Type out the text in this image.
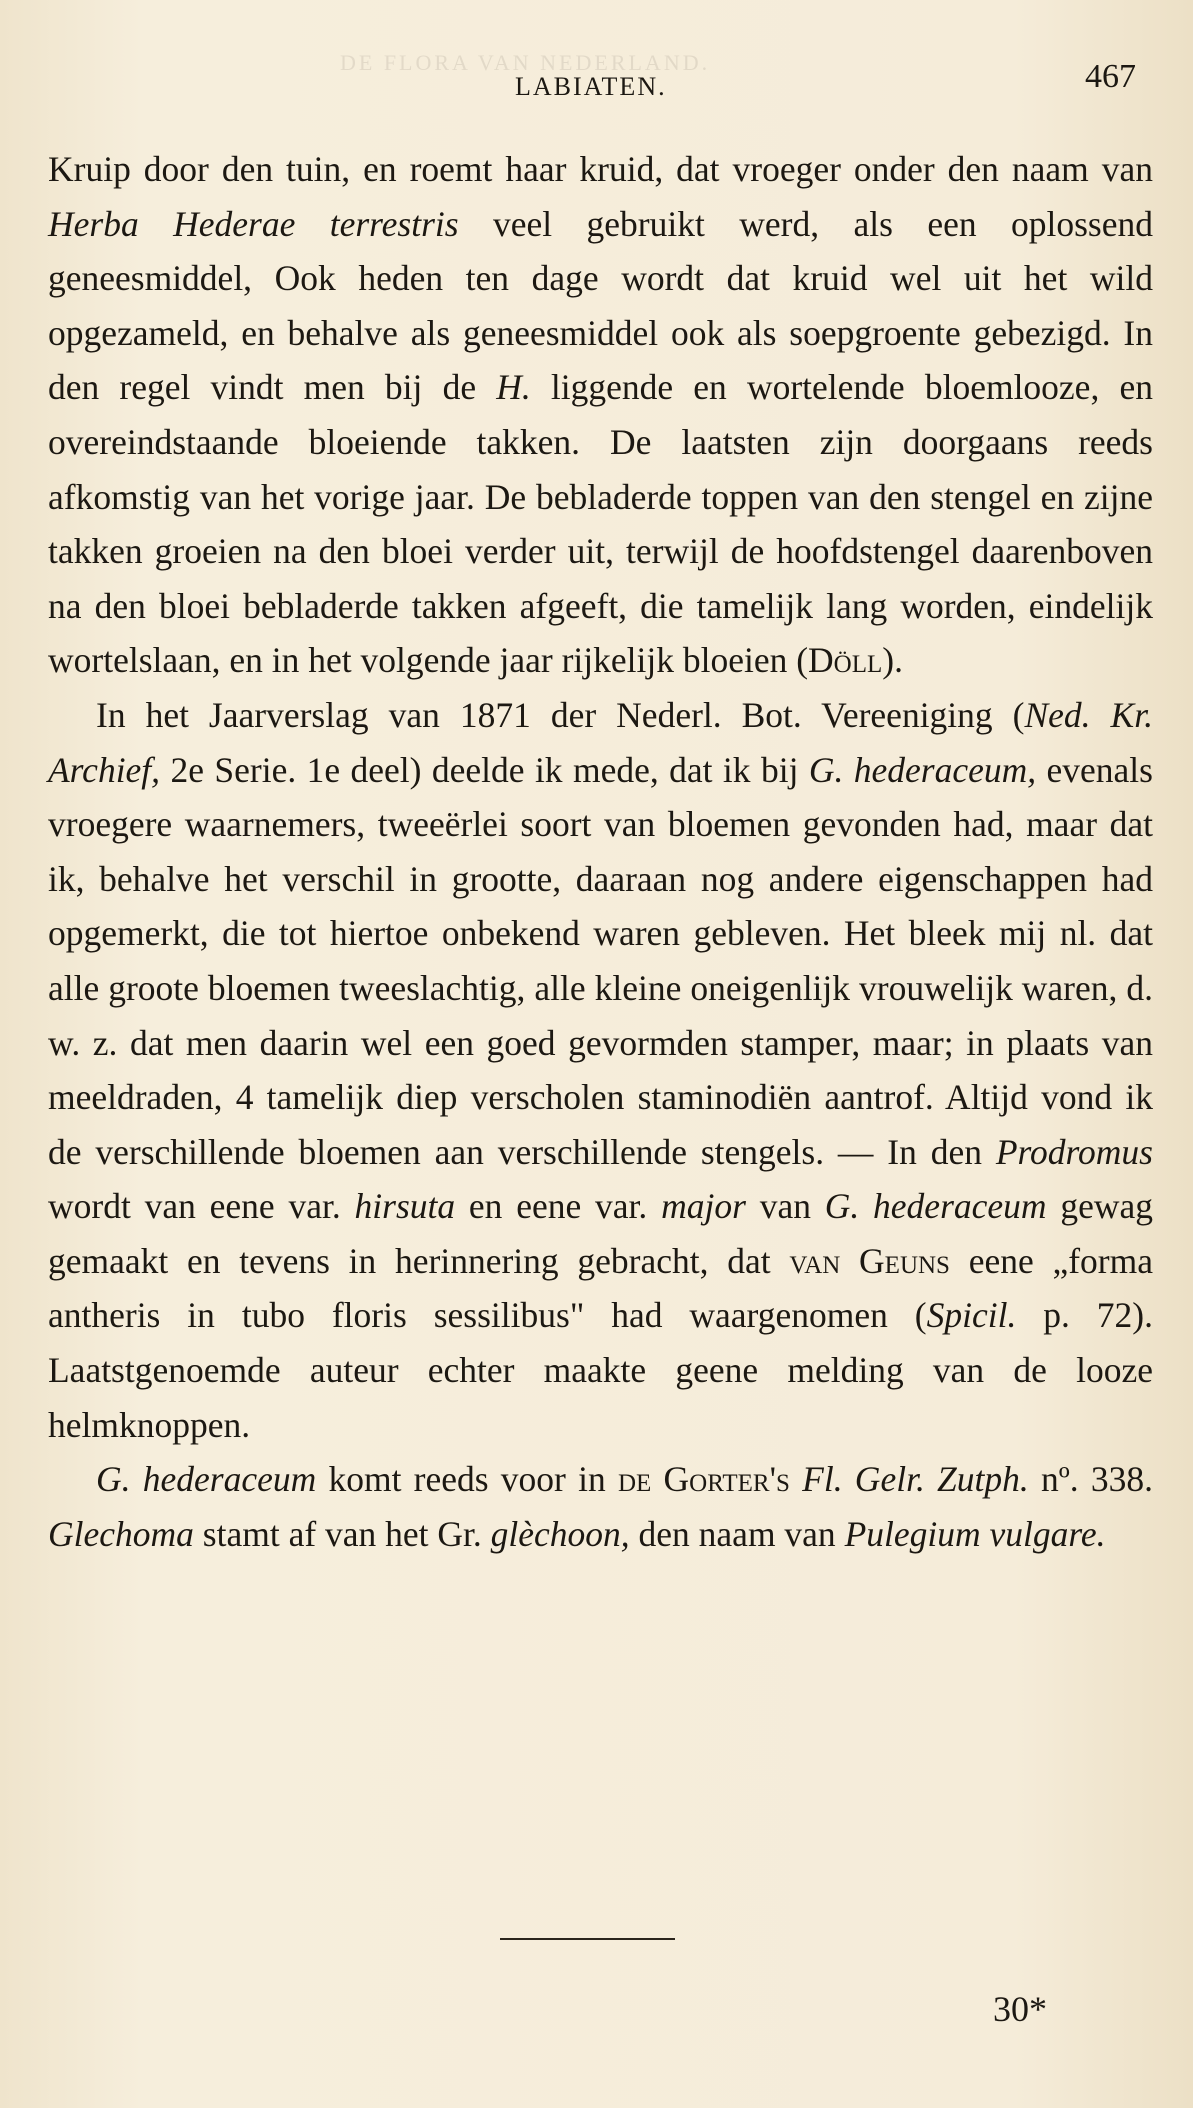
DE FLORA VAN NEDERLAND.
LABIATEN.	467

Kruip door den tuin, en roemt haar kruid, dat vroeger onder den naam van Herba Hederae terrestris veel gebruikt werd, als een oplossend geneesmiddel, Ook heden ten dage wordt dat kruid wel uit het wild opgezameld, en behalve als geneesmiddel ook als soepgroente gebezigd. In den regel vindt men bij de H. liggende en wortelende bloemlooze, en overeindstaande bloeiende takken. De laatsten zijn doorgaans reeds afkomstig van het vorige jaar. De bebladerde toppen van den stengel en zijne takken groeien na den bloei verder uit, terwijl de hoofdstengel daarenboven na den bloei bebladerde takken afgeeft, die tamelijk lang worden, eindelijk wortelslaan, en in het volgende jaar rijkelijk bloeien (Döll).

In het Jaarverslag van 1871 der Nederl. Bot. Vereeniging (Ned. Kr. Archief, 2e Serie. 1e deel) deelde ik mede, dat ik bij G. hederaceum, evenals vroegere waarnemers, tweeërlei soort van bloemen gevonden had, maar dat ik, behalve het verschil in grootte, daaraan nog andere eigenschappen had opgemerkt, die tot hiertoe onbekend waren gebleven. Het bleek mij nl. dat alle groote bloemen tweeslachtig, alle kleine oneigenlijk vrouwelijk waren, d. w. z. dat men daarin wel een goed gevormden stamper, maar; in plaats van meeldraden, 4 tamelijk diep verscholen staminodiën aantrof. Altijd vond ik de verschillende bloemen aan verschillende stengels. — In den Prodromus wordt van eene var. hirsuta en eene var. major van G. hederaceum gewag gemaakt en tevens in herinnering gebracht, dat van Geuns eene „forma antheris in tubo floris sessilibus" had waargenomen (Spicil. p. 72). Laatstgenoemde auteur echter maakte geene melding van de looze helmknoppen.

G. hederaceum komt reeds voor in de Gorter's Fl. Gelr. Zutph. nº. 338. Glechoma stamt af van het Gr. glèchoon, den naam van Pulegium vulgare.

30*
